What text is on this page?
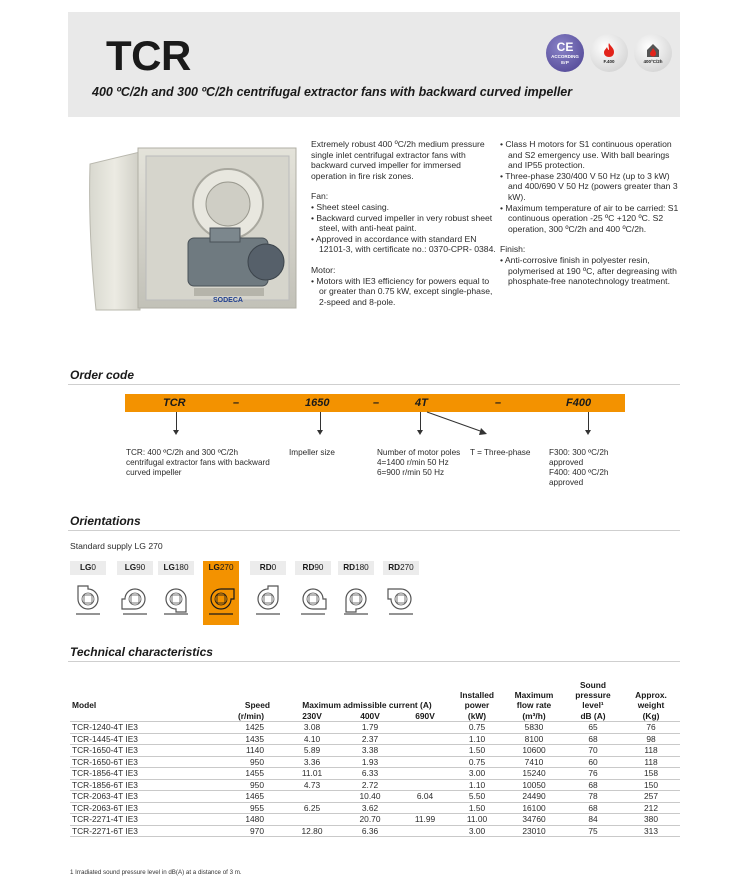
TCR
400 ºC/2h and 300 ºC/2h centrifugal extractor fans with backward curved impeller
CE
ACCORDING
ErP	F.400	400ºC/2h
SODECA
Extremely robust 400 ºC/2h medium pressure single inlet centrifugal extractor fans with backward curved impeller for immersed operation in fire risk zones.
Fan:
• Sheet steel casing.
• Backward curved impeller in very robust sheet steel, with anti-heat paint.
• Approved in accordance with standard EN 12101-3, with certificate no.: 0370-CPR- 0384.
Motor:
• Motors with IE3 efficiency for powers equal to or greater than 0.75 kW, except single-phase, 2-speed and 8-pole.
• Class H motors for S1 continuous operation and S2 emergency use. With ball bearings and IP55 protection.
• Three-phase 230/400 V 50 Hz (up to 3 kW) and 400/690 V 50 Hz (powers greater than 3 kW).
• Maximum temperature of air to be carried: S1 continuous operation -25 ºC +120 ºC. S2 operation, 300 ºC/2h and 400 ºC/2h.
Finish:
• Anti-corrosive finish in polyester resin, polymerised at 190 ºC, after degreasing with phosphate-free nanotechnology treatment.
Order code
TCR	–	1650	–	4T	–	F400
TCR: 400 ºC/2h and 300 ºC/2h centrifugal extractor fans with backward curved impeller
Impeller size	Number of motor poles
4=1400 r/min 50 Hz
6=900 r/min 50 Hz
T = Three-phase F300: 300 ºC/2h approved
F400: 400 ºC/2h approved
Orientations
Standard supply LG 270
LG0	LG90	LG180	LG270	RD0	RD90	RD180	RD270
Technical characteristics
Model	Speed	Maximum admissible current (A)			Installed power	Maximum flow rate	Sound pressure level¹	Approx. weight
	(r/min)	230V	400V	690V	(kW)	(m³/h)	dB (A)	(Kg)
TCR-1240-4T IE3	1425	3.08	1.79		0.75	5830	65	76
TCR-1445-4T IE3	1435	4.10	2.37		1.10	8100	68	98
TCR-1650-4T IE3	1140	5.89	3.38		1.50	10600	70	118
TCR-1650-6T IE3	950	3.36	1.93		0.75	7410	60	118
TCR-1856-4T IE3	1455	11.01	6.33		3.00	15240	76	158
TCR-1856-6T IE3	950	4.73	2.72		1.10	10050	68	150
TCR-2063-4T IE3	1465		10.40	6.04	5.50	24490	78	257
TCR-2063-6T IE3	955	6.25	3.62		1.50	16100	68	212
TCR-2271-4T IE3	1480		20.70	11.99	11.00	34760	84	380
TCR-2271-6T IE3	970	12.80	6.36		3.00	23010	75	313
1 Irradiated sound pressure level in dB(A) at a distance of 3 m.
